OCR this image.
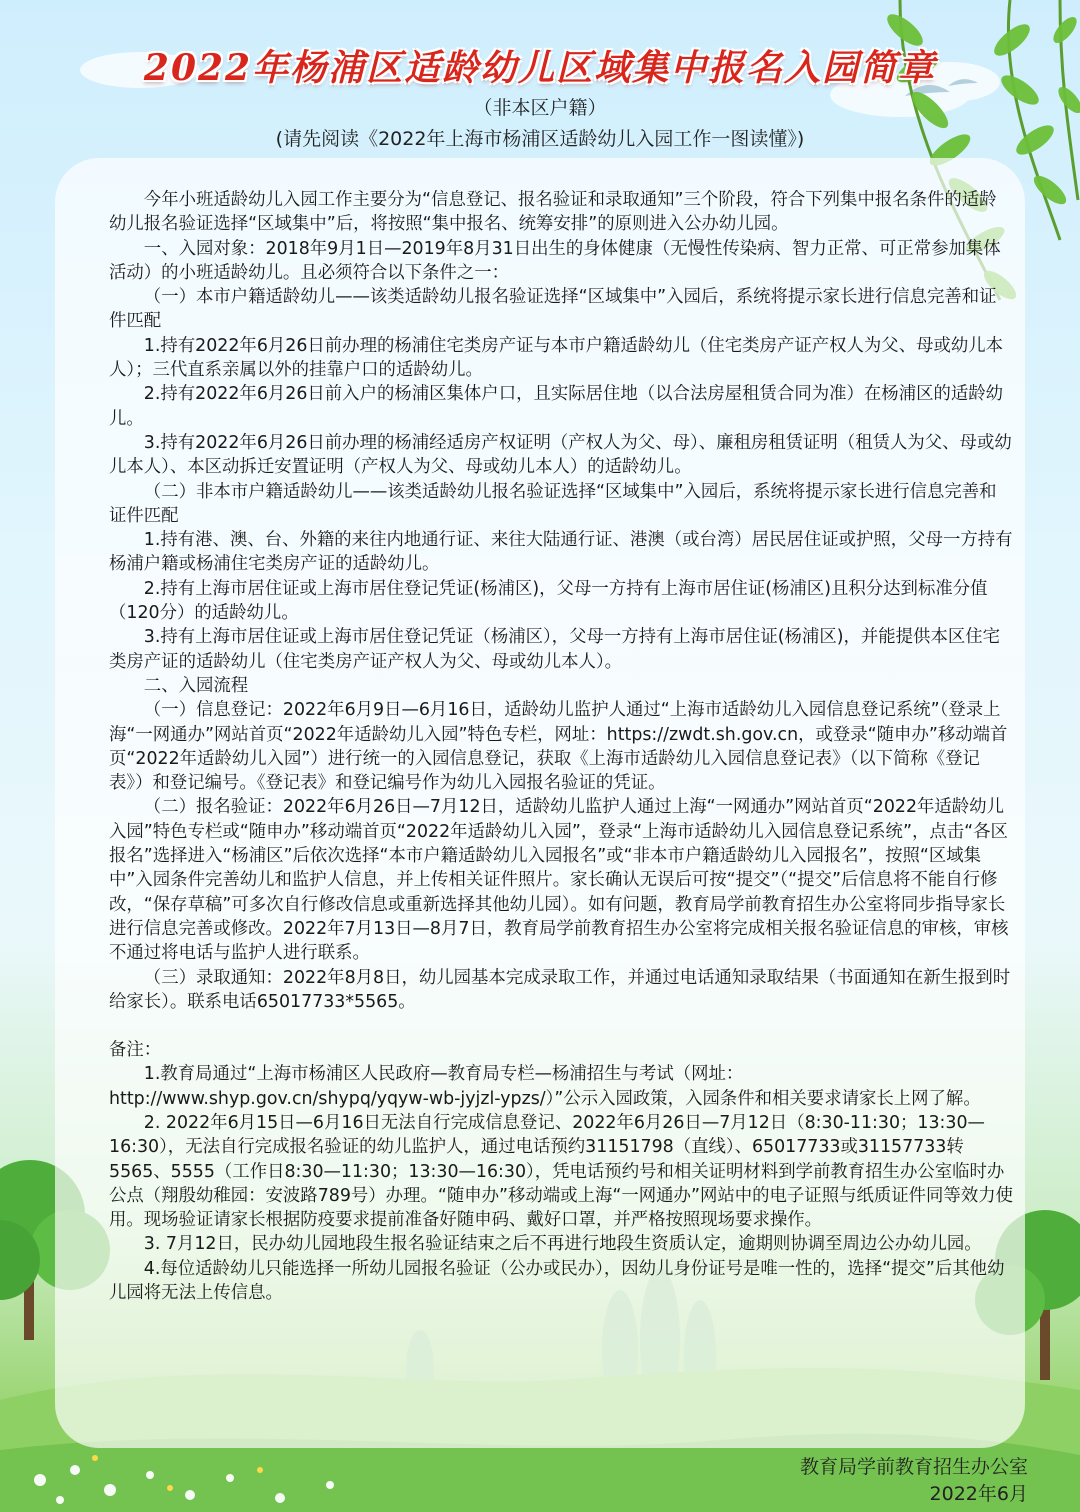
2022年杨浦区适龄幼儿区域集中报名入园简章

（非本区户籍）

(请先阅读《2022年上海市杨浦区适龄幼儿入园工作一图读懂》)

今年小班适龄幼儿入园工作主要分为“信息登记、报名验证和录取通知”三个阶段，符合下列集中报名条件的适龄幼儿报名验证选择“区域集中”后，将按照“集中报名、统筹安排”的原则进入公办幼儿园。

一、入园对象：2018年9月1日—2019年8月31日出生的身体健康（无慢性传染病、智力正常、可正常参加集体活动）的小班适龄幼儿。且必须符合以下条件之一：

（一）本市户籍适龄幼儿——该类适龄幼儿报名验证选择“区域集中”入园后，系统将提示家长进行信息完善和证件匹配

1.持有2022年6月26日前办理的杨浦住宅类房产证与本市户籍适龄幼儿（住宅类房产证产权人为父、母或幼儿本人）；三代直系亲属以外的挂靠户口的适龄幼儿。

2.持有2022年6月26日前入户的杨浦区集体户口，且实际居住地（以合法房屋租赁合同为准）在杨浦区的适龄幼儿。

3.持有2022年6月26日前办理的杨浦经适房产权证明（产权人为父、母）、廉租房租赁证明（租赁人为父、母或幼儿本人）、本区动拆迁安置证明（产权人为父、母或幼儿本人）的适龄幼儿。

（二）非本市户籍适龄幼儿——该类适龄幼儿报名验证选择“区域集中”入园后，系统将提示家长进行信息完善和证件匹配

1.持有港、澳、台、外籍的来往内地通行证、来往大陆通行证、港澳（或台湾）居民居住证或护照，父母一方持有杨浦户籍或杨浦住宅类房产证的适龄幼儿。

2.持有上海市居住证或上海市居住登记凭证(杨浦区)，父母一方持有上海市居住证(杨浦区)且积分达到标准分值（120分）的适龄幼儿。

3.持有上海市居住证或上海市居住登记凭证（杨浦区），父母一方持有上海市居住证(杨浦区)，并能提供本区住宅类房产证的适龄幼儿（住宅类房产证产权人为父、母或幼儿本人）。

二、入园流程

（一）信息登记：2022年6月9日—6月16日，适龄幼儿监护人通过“上海市适龄幼儿入园信息登记系统”（登录上海“一网通办”网站首页“2022年适龄幼儿入园”特色专栏，网址：https://zwdt.sh.gov.cn，或登录“随申办”移动端首页“2022年适龄幼儿入园”）进行统一的入园信息登记，获取《上海市适龄幼儿入园信息登记表》（以下简称《登记表》）和登记编号。《登记表》和登记编号作为幼儿入园报名验证的凭证。

（二）报名验证：2022年6月26日—7月12日，适龄幼儿监护人通过上海“一网通办”网站首页“2022年适龄幼儿入园”特色专栏或“随申办”移动端首页“2022年适龄幼儿入园”，登录“上海市适龄幼儿入园信息登记系统”，点击“各区报名”选择进入“杨浦区”后依次选择“本市户籍适龄幼儿入园报名”或“非本市户籍适龄幼儿入园报名”，按照“区域集中”入园条件完善幼儿和监护人信息，并上传相关证件照片。家长确认无误后可按“提交”（“提交”后信息将不能自行修改，“保存草稿”可多次自行修改信息或重新选择其他幼儿园）。如有问题，教育局学前教育招生办公室将同步指导家长进行信息完善或修改。2022年7月13日—8月7日，教育局学前教育招生办公室将完成相关报名验证信息的审核，审核不通过将电话与监护人进行联系。

（三）录取通知：2022年8月8日，幼儿园基本完成录取工作，并通过电话通知录取结果（书面通知在新生报到时给家长）。联系电话65017733*5565。

备注：

1.教育局通过“上海市杨浦区人民政府—教育局专栏—杨浦招生与考试（网址：http://www.shyp.gov.cn/shypq/yqyw-wb-jyjzl-ypzs/）”公示入园政策，入园条件和相关要求请家长上网了解。

2. 2022年6月15日—6月16日无法自行完成信息登记、2022年6月26日—7月12日（8:30-11:30；13:30—16:30），无法自行完成报名验证的幼儿监护人，通过电话预约31151798（直线）、65017733或31157733转5565、5555（工作日8:30—11:30；13:30—16:30），凭电话预约号和相关证明材料到学前教育招生办公室临时办公点（翔殷幼稚园：安波路789号）办理。“随申办”移动端或上海“一网通办”网站中的电子证照与纸质证件同等效力使用。现场验证请家长根据防疫要求提前准备好随申码、戴好口罩，并严格按照现场要求操作。

3. 7月12日，民办幼儿园地段生报名验证结束之后不再进行地段生资质认定，逾期则协调至周边公办幼儿园。

4.每位适龄幼儿只能选择一所幼儿园报名验证（公办或民办），因幼儿身份证号是唯一性的，选择“提交”后其他幼儿园将无法上传信息。

教育局学前教育招生办公室
2022年6月
